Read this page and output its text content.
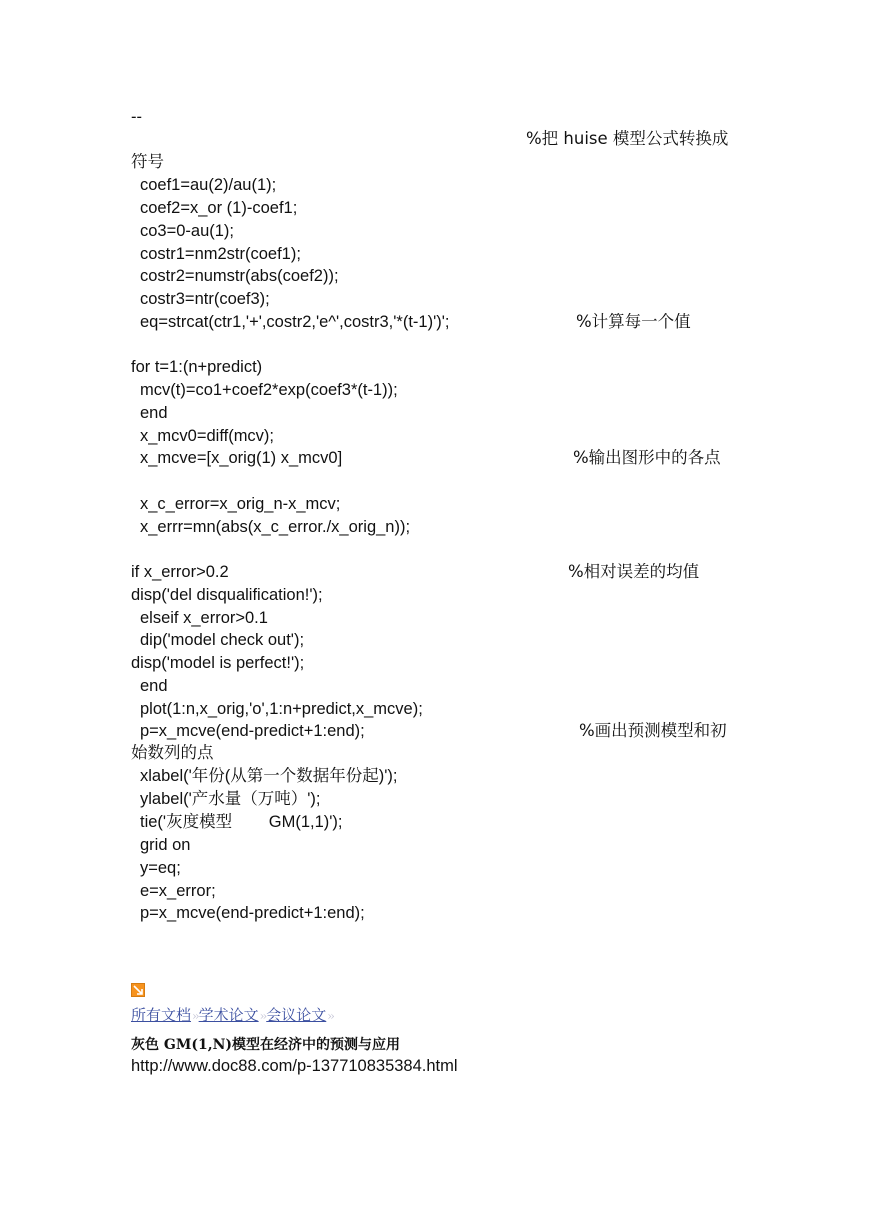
--
%把 huise 模型公式转换成
符号
coef1=au(2)/au(1);
coef2=x_or (1)-coef1;
co3=0-au(1);
costr1=nm2str(coef1);
costr2=numstr(abs(coef2));
costr3=ntr(coef3);
eq=strcat(ctr1,'+',costr2,'e^',costr3,'*(t-1)')';	%计算每一个值
for t=1:(n+predict)
mcv(t)=co1+coef2*exp(coef3*(t-1));
end
x_mcv0=diff(mcv);
x_mcve=[x_orig(1) x_mcv0]	%输出图形中的各点
x_c_error=x_orig_n-x_mcv;
x_errr=mn(abs(x_c_error./x_orig_n));
if x_error>0.2	%相对误差的均值
disp('del disqualification!');
elseif x_error>0.1
dip('model check out');
disp('model is perfect!');
end
plot(1:n,x_orig,'o',1:n+predict,x_mcve);
p=x_mcve(end-predict+1:end);	%画出预测模型和初
始数列的点
xlabel('年份(从第一个数据年份起)');
ylabel('产水量（万吨）');
tie('灰度模型        GM(1,1)');
grid on
y=eq;
e=x_error;
p=x_mcve(end-predict+1:end);
所有文档››学术论文››会议论文››
灰色 GM(1,N)模型在经济中的预测与应用
http://www.doc88.com/p-137710835384.html
